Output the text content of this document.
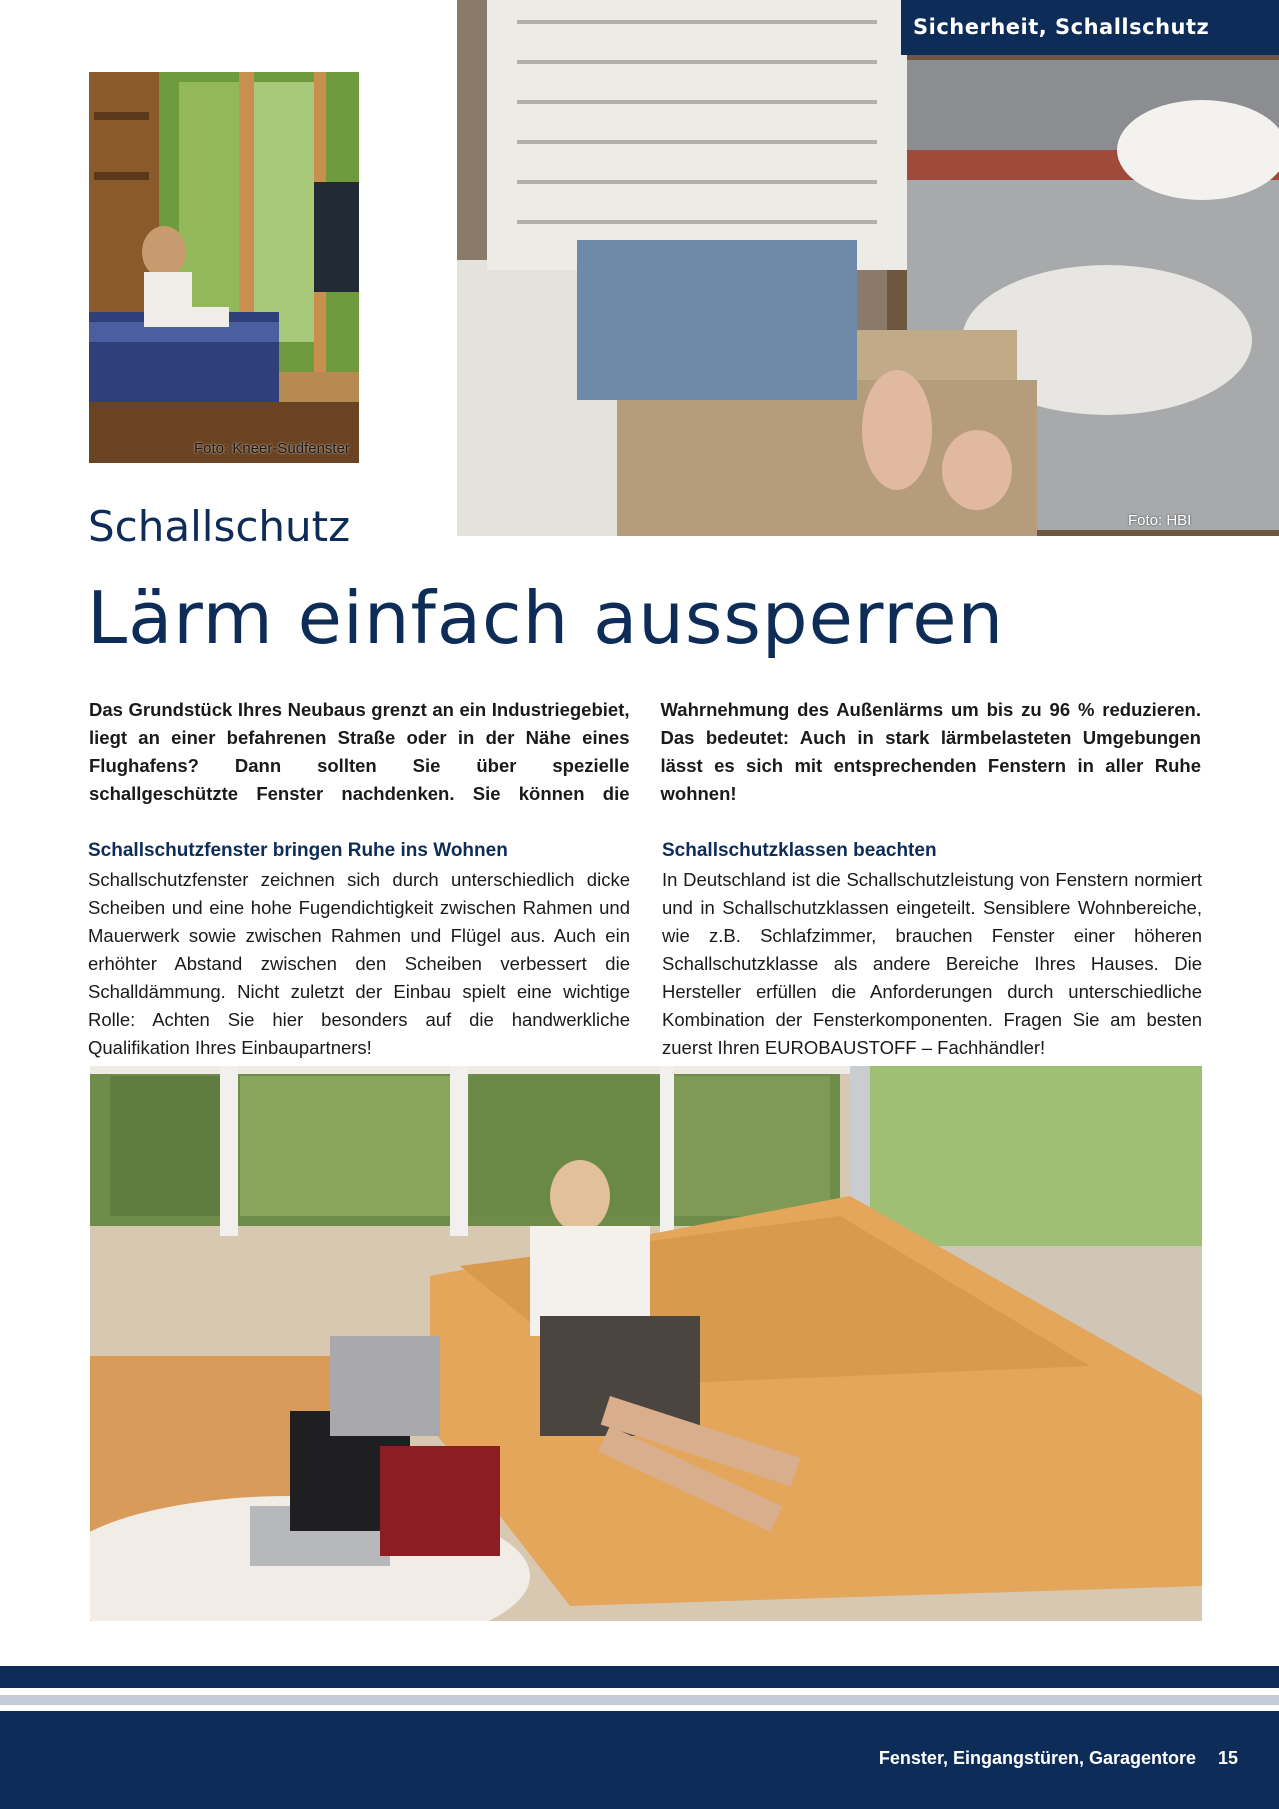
Foto: Kneer-Südfenster
Foto: HBI
Sicherheit, Schallschutz
Schallschutz
Lärm einfach aussperren
Das Grundstück Ihres Neubaus grenzt an ein Industriegebiet, liegt an einer befahrenen Straße oder in der Nähe eines Flughafens? Dann sollten Sie über spezielle schallgeschützte Fenster nachdenken. Sie können die Wahrnehmung des Außenlärms um bis zu 96 % reduzieren. Das bedeutet: Auch in stark lärmbelasteten Umgebungen lässt es sich mit entsprechenden Fenstern in aller Ruhe wohnen!
Schallschutzfenster bringen Ruhe ins Wohnen
Schallschutzfenster zeichnen sich durch unterschiedlich dicke Scheiben und eine hohe Fugendichtigkeit zwischen Rahmen und Mauerwerk sowie zwischen Rahmen und Flügel aus. Auch ein erhöhter Abstand zwischen den Scheiben verbessert die Schalldämmung. Nicht zuletzt der Einbau spielt eine wichtige Rolle: Achten Sie hier besonders auf die handwerkliche Qualifikation Ihres Einbaupartners!
Schallschutzklassen beachten
In Deutschland ist die Schallschutzleistung von Fenstern normiert und in Schallschutzklassen eingeteilt. Sensiblere Wohnbereiche, wie z.B. Schlafzimmer, brauchen Fenster einer höheren Schallschutzklasse als andere Bereiche Ihres Hauses. Die Hersteller erfüllen die Anforderungen durch unterschiedliche Kombination der Fensterkomponenten. Fragen Sie am besten zuerst Ihren EUROBAUSTOFF – Fachhändler!
Fenster, Eingangstüren, Garagentore 15
